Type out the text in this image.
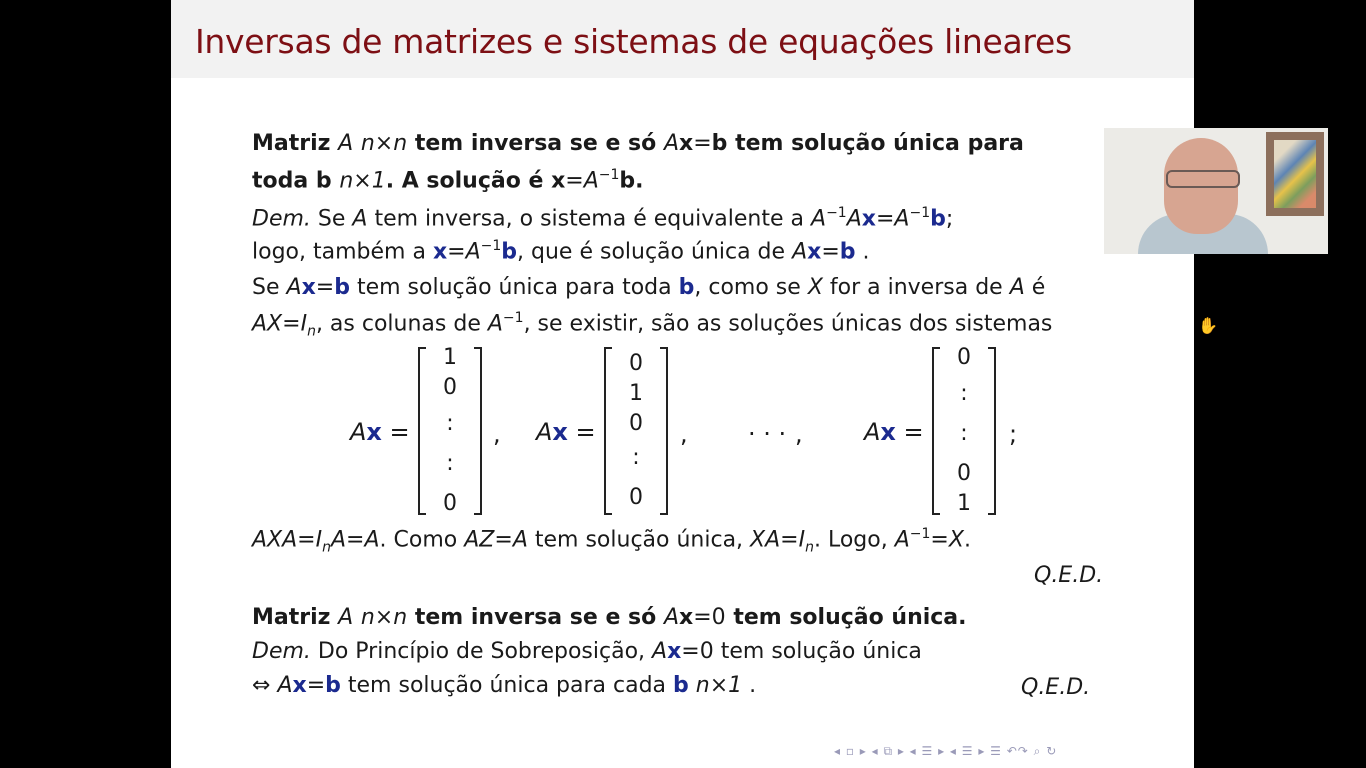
Inversas de matrizes e sistemas de equações lineares
Matriz A n×n tem inversa se e só Ax=b tem solução única para
toda b n×1. A solução é $x=A^{-1}b$.
Dem. Se A tem inversa, o sistema é equivalente a $A^{-1}Ax=A^{-1}b$;
logo, também a $x=A^{-1}b$, que é solução única de Ax=b .
Se Ax=b tem solução única para toda b, como se X for a inversa de A é
$AX=I_n$, as colunas de $A^{-1}$, se existir, são as soluções únicas dos sistemas
Ax =
1
0
:
:
0
, Ax =
0
1
0
:
0
,	· · · ,	Ax =
0
:
:
0
1
;
$AXA=I_nA=A$. Como AZ=A tem solução única, $XA=I_n$. Logo, $A^{-1}=X$.
Q.E.D.
Matriz A n×n tem inversa se e só Ax=0 tem solução única.
Dem. Do Princípio de Sobreposição, Ax=0 tem solução única
⇔ Ax=b tem solução única para cada b n×1 .	Q.E.D.
✋
◂ ▫ ▸ ◂ ⧉ ▸ ◂ ☰ ▸ ◂ ☰ ▸ ☰ ↶↷ ⌕ ↻
